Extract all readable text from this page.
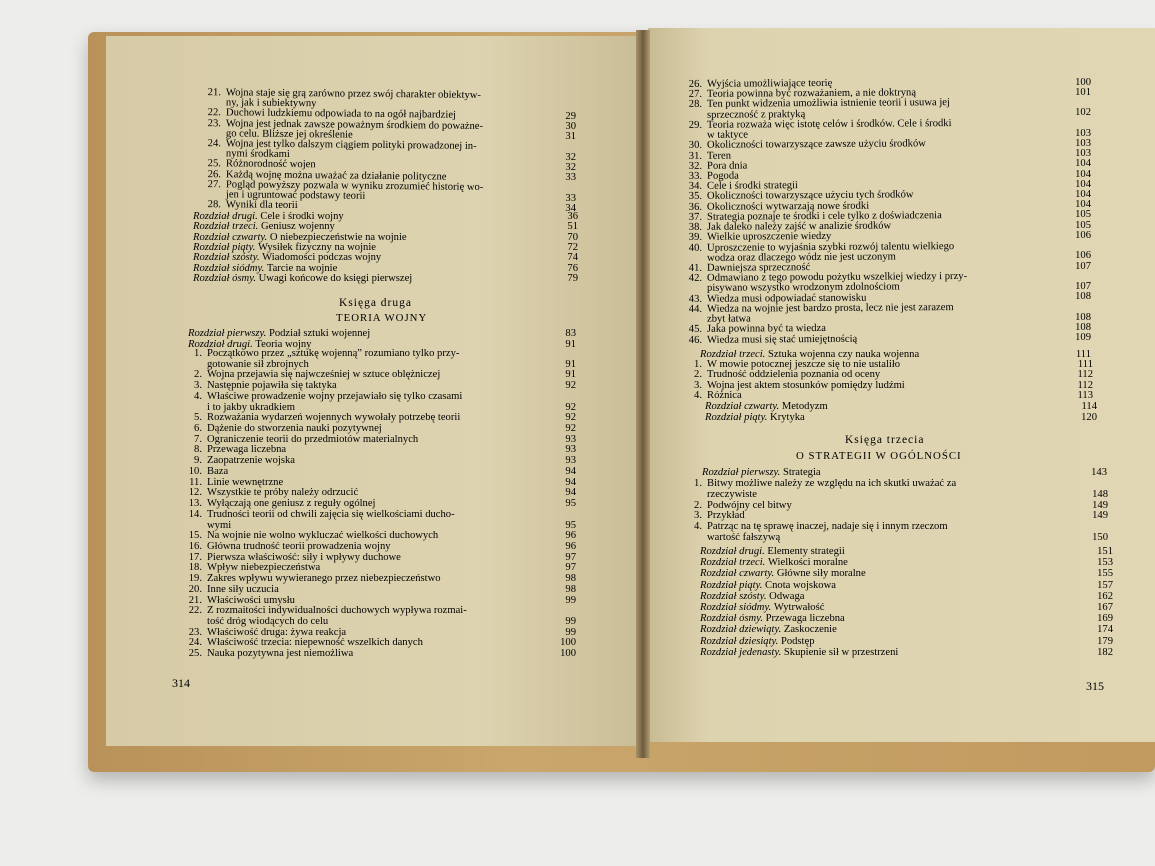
Księga druga
TEORIA WOJNY
314
Księga trzecia
O STRATEGII W OGÓLNOŚCI
315
21. Wojna staje się grą zarówno przez swój charakter obiektyw-
ny, jak i subiektywny
22. Duchowi ludzkiemu odpowiada to na ogół najbardziej	29
23. Wojna jest jednak zawsze poważnym środkiem do poważne-	30
go celu. Bliższe jej określenie	31
24. Wojna jest tylko dalszym ciągiem polityki prowadzonej in-
nymi środkami	32
25. Różnorodność wojen	32
26. Każdą wojnę można uważać za działanie polityczne	33
27. Pogląd powyższy pozwala w wyniku zrozumieć historię wo-
jen i ugruntować podstawy teorii	33
28. Wyniki dla teorii	34
Rozdział drugi. Cele i środki wojny	36
Rozdział trzeci. Geniusz wojenny	51
Rozdział czwarty. O niebezpieczeństwie na wojnie	70
Rozdział piąty. Wysiłek fizyczny na wojnie	72
Rozdział szósty. Wiadomości podczas wojny	74
Rozdział siódmy. Tarcie na wojnie	76
Rozdział ósmy. Uwagi końcowe do księgi pierwszej	79
Rozdział pierwszy. Podział sztuki wojennej	83
Rozdział drugi. Teoria wojny	91
1. Początkowo przez „sztukę wojenną” rozumiano tylko przy-
gotowanie sił zbrojnych	91
2. Wojna przejawia się najwcześniej w sztuce oblężniczej	91
3. Następnie pojawiła się taktyka	92
4. Właściwe prowadzenie wojny przejawiało się tylko czasami
i to jakby ukradkiem	92
5. Rozważania wydarzeń wojennych wywołały potrzebę teorii	92
6. Dążenie do stworzenia nauki pozytywnej	92
7. Ograniczenie teorii do przedmiotów materialnych	93
8. Przewaga liczebna	93
9. Zaopatrzenie wojska	93
10. Baza	94
11. Linie wewnętrzne	94
12. Wszystkie te próby należy odrzucić	94
13. Wyłączają one geniusz z reguły ogólnej	95
14. Trudności teorii od chwili zajęcia się wielkościami ducho-
wymi	95
15. Na wojnie nie wolno wykluczać wielkości duchowych	96
16. Główna trudność teorii prowadzenia wojny	96
17. Pierwsza właściwość: siły i wpływy duchowe	97
18. Wpływ niebezpieczeństwa	97
19. Zakres wpływu wywieranego przez niebezpieczeństwo	98
20. Inne siły uczucia	98
21. Właściwości umysłu	99
22. Z rozmaitości indywidualności duchowych wypływa rozmai-
tość dróg wiodących do celu	99
23. Właściwość druga: żywa reakcja	99
24. Właściwość trzecia: niepewność wszelkich danych	100
25. Nauka pozytywna jest niemożliwa	100
26. Wyjścia umożliwiające teorię	100
27. Teoria powinna być rozważaniem, a nie doktryną	101
28. Ten punkt widzenia umożliwia istnienie teorii i usuwa jej
sprzeczność z praktyką	102
29. Teoria rozważa więc istotę celów i środków. Cele i środki
w taktyce	103
30. Okoliczności towarzyszące zawsze użyciu środków	103
31. Teren	103
32. Pora dnia	104
33. Pogoda	104
34. Cele i środki strategii	104
35. Okoliczności towarzyszące użyciu tych środków	104
36. Okoliczności wytwarzają nowe środki	104
37. Strategia poznaje te środki i cele tylko z doświadczenia	105
38. Jak daleko należy zajść w analizie środków	105
39. Wielkie uproszczenie wiedzy	106
40. Uproszczenie to wyjaśnia szybki rozwój talentu wielkiego
wodza oraz dlaczego wódz nie jest uczonym	106
41. Dawniejsza sprzeczność	107
42. Odmawiano z tego powodu pożytku wszelkiej wiedzy i przy-
pisywano wszystko wrodzonym zdolnościom	107
43. Wiedza musi odpowiadać stanowisku	108
44. Wiedza na wojnie jest bardzo prosta, lecz nie jest zarazem
zbyt łatwa	108
45. Jaka powinna być ta wiedza	108
46. Wiedza musi się stać umiejętnością	109
Rozdział trzeci. Sztuka wojenna czy nauka wojenna	111
1. W mowie potocznej jeszcze się to nie ustaliło	111
2. Trudność oddzielenia poznania od oceny	112
3. Wojna jest aktem stosunków pomiędzy ludźmi	112
4. Różnica	113
Rozdział czwarty. Metodyzm	114
Rozdział piąty. Krytyka	120
Rozdział pierwszy. Strategia	143
1. Bitwy możliwe należy ze względu na ich skutki uważać za
rzeczywiste	148
2. Podwójny cel bitwy	149
3. Przykład	149
4. Patrząc na tę sprawę inaczej, nadaje się i innym rzeczom
wartość fałszywą	150
Rozdział drugi. Elementy strategii	151
Rozdział trzeci. Wielkości moralne	153
Rozdział czwarty. Główne siły moralne	155
Rozdział piąty. Cnota wojskowa	157
Rozdział szósty. Odwaga	162
Rozdział siódmy. Wytrwałość	167
Rozdział ósmy. Przewaga liczebna	169
Rozdział dziewiąty. Zaskoczenie	174
Rozdział dziesiąty. Podstęp	179
Rozdział jedenasty. Skupienie sił w przestrzeni	182
